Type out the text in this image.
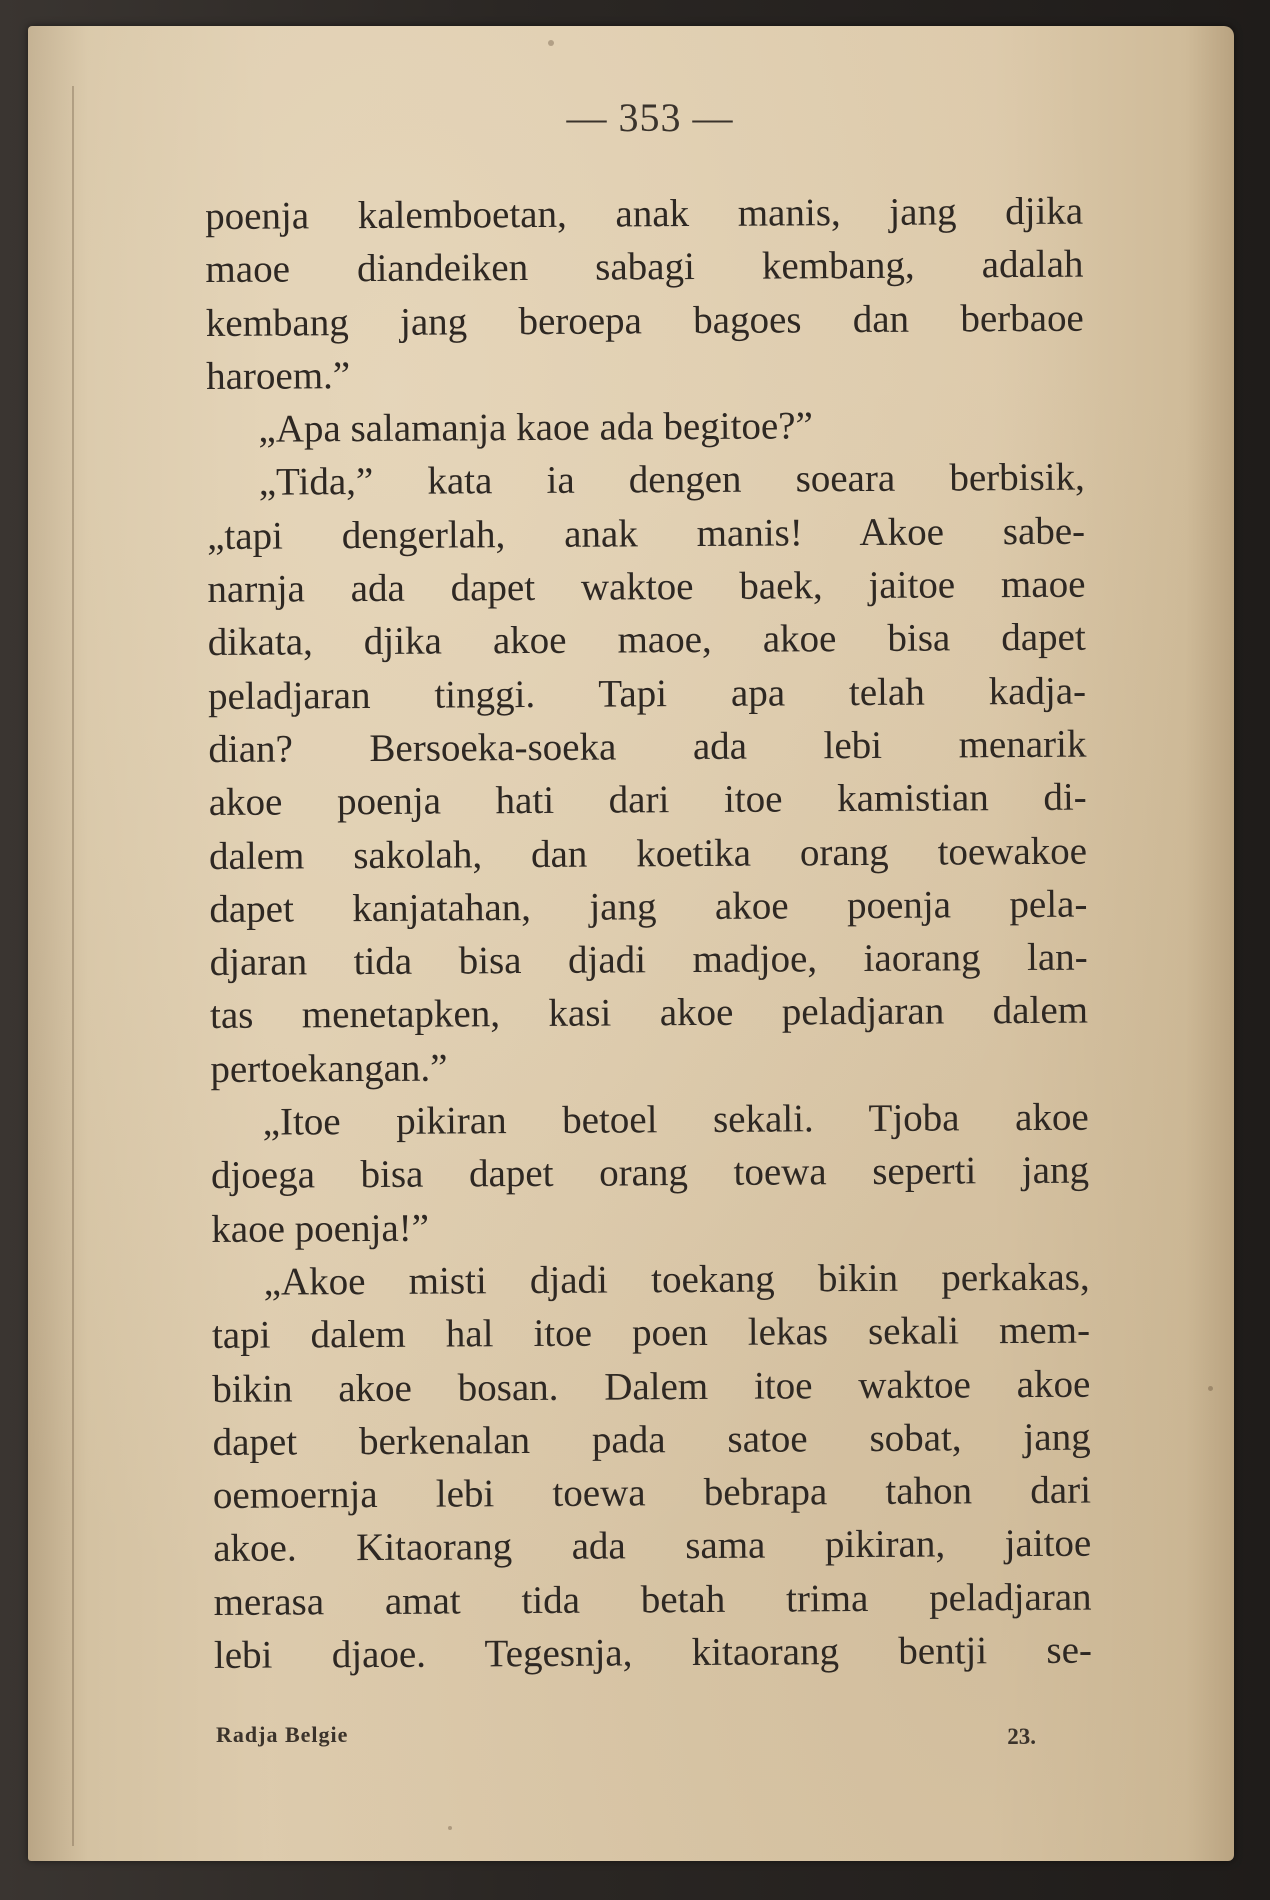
— 353 —
poenja kalemboetan, anak manis, jang djika
maoe diandeiken sabagi kembang, adalah
kembang jang beroepa bagoes dan berbaoe
haroem.”
„Apa salamanja kaoe ada begitoe?”
„Tida,” kata ia dengen soeara berbisik,
„tapi dengerlah, anak manis! Akoe sabe-
narnja ada dapet waktoe baek, jaitoe maoe
dikata, djika akoe maoe, akoe bisa dapet
peladjaran tinggi. Tapi apa telah kadja-
dian? Bersoeka-soeka ada lebi menarik
akoe poenja hati dari itoe kamistian di-
dalem sakolah, dan koetika orang toewakoe
dapet kanjatahan, jang akoe poenja pela-
djaran tida bisa djadi madjoe, iaorang lan-
tas menetapken, kasi akoe peladjaran dalem
pertoekangan.”
„Itoe pikiran betoel sekali. Tjoba akoe
djoega bisa dapet orang toewa seperti jang
kaoe poenja!”
„Akoe misti djadi toekang bikin perkakas,
tapi dalem hal itoe poen lekas sekali mem-
bikin akoe bosan. Dalem itoe waktoe akoe
dapet berkenalan pada satoe sobat, jang
oemoernja lebi toewa bebrapa tahon dari
akoe. Kitaorang ada sama pikiran, jaitoe
merasa amat tida betah trima peladjaran
lebi djaoe. Tegesnja, kitaorang bentji se-
Radja Belgie	23.
